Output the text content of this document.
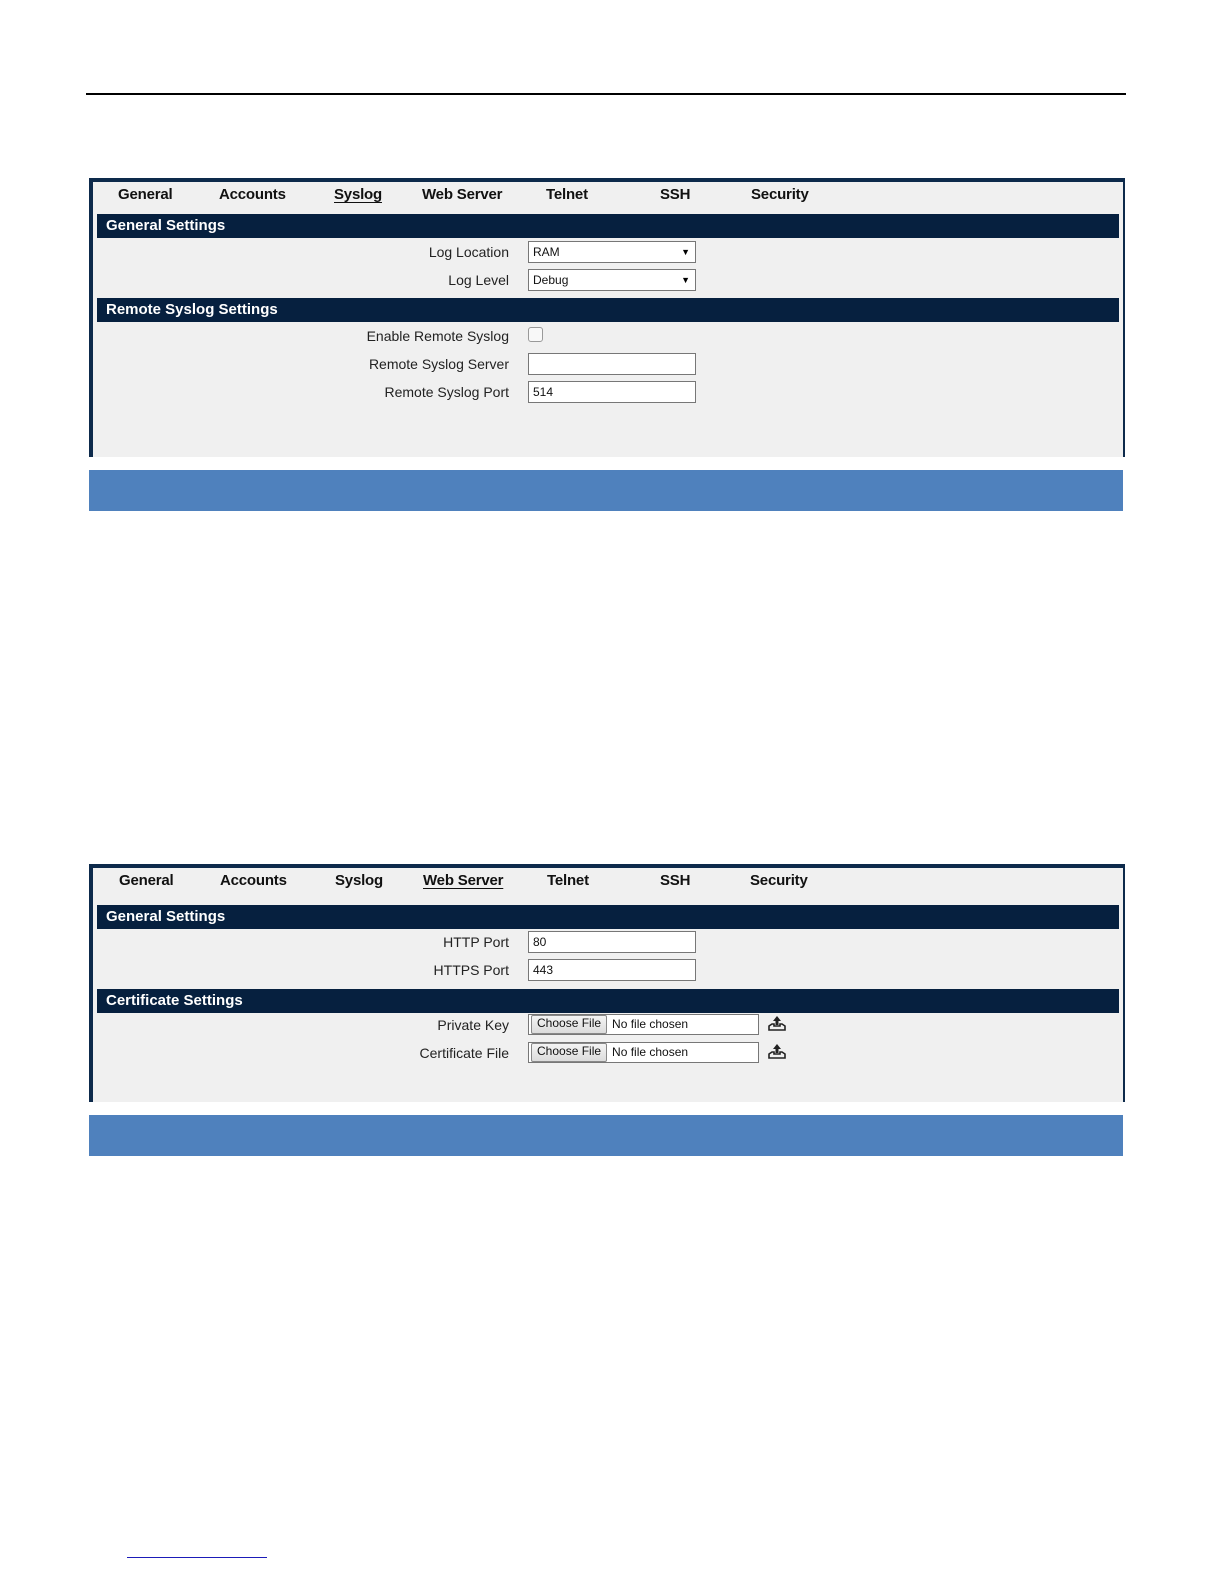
General	Accounts	Syslog	Web Server	Telnet	SSH	Security
General Settings
Log Location	RAM	▼
Log Level	Debug	▼
Remote Syslog Settings
Enable Remote Syslog
Remote Syslog Server
Remote Syslog Port	514
General	Accounts	Syslog	Web Server	Telnet	SSH	Security
General Settings
HTTP Port	80
HTTPS Port	443
Certificate Settings
Private Key	Choose File No file chosen
Certificate File	Choose File No file chosen
